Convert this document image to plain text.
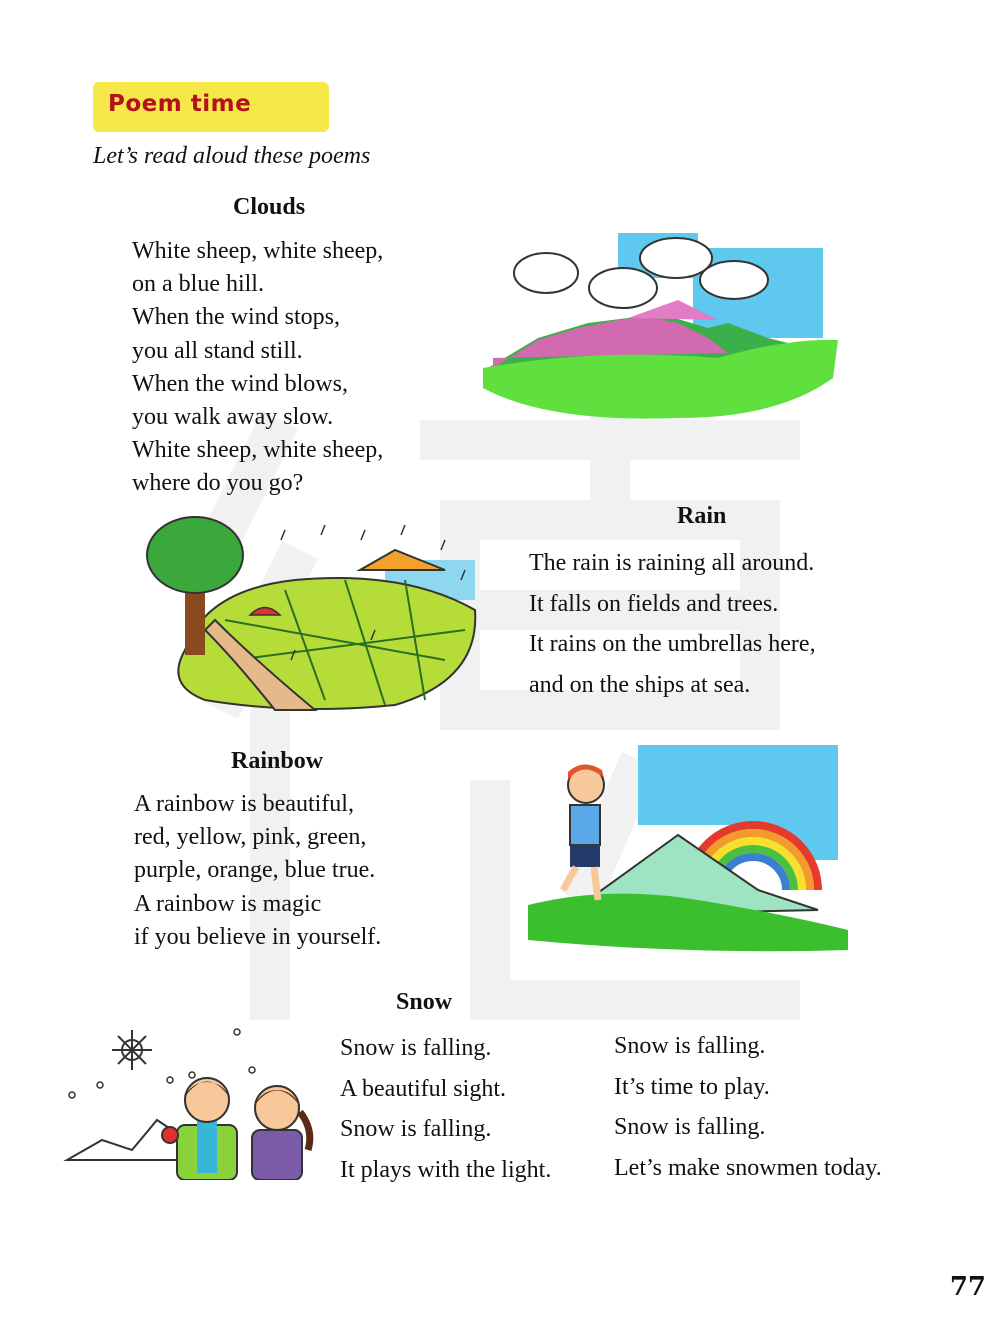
Poem time
Let’s read aloud these poems
Clouds
White sheep, white sheep,
on a blue hill.
When the wind stops,
you all stand still.
When the wind blows,
you walk away slow.
White sheep, white sheep,
where do you go?
Rain
The rain is raining all around.
It falls on fields and trees.
It rains on the umbrellas here,
and on the ships at sea.
Rainbow
A rainbow is beautiful,
red, yellow, pink, green,
purple, orange, blue true.
A rainbow is magic
if you believe in yourself.
Snow
Snow is falling.
A beautiful sight.
Snow is falling.
It plays with the light.
Snow is falling.
It’s time to play.
Snow is falling.
Let’s make snowmen today.
77
